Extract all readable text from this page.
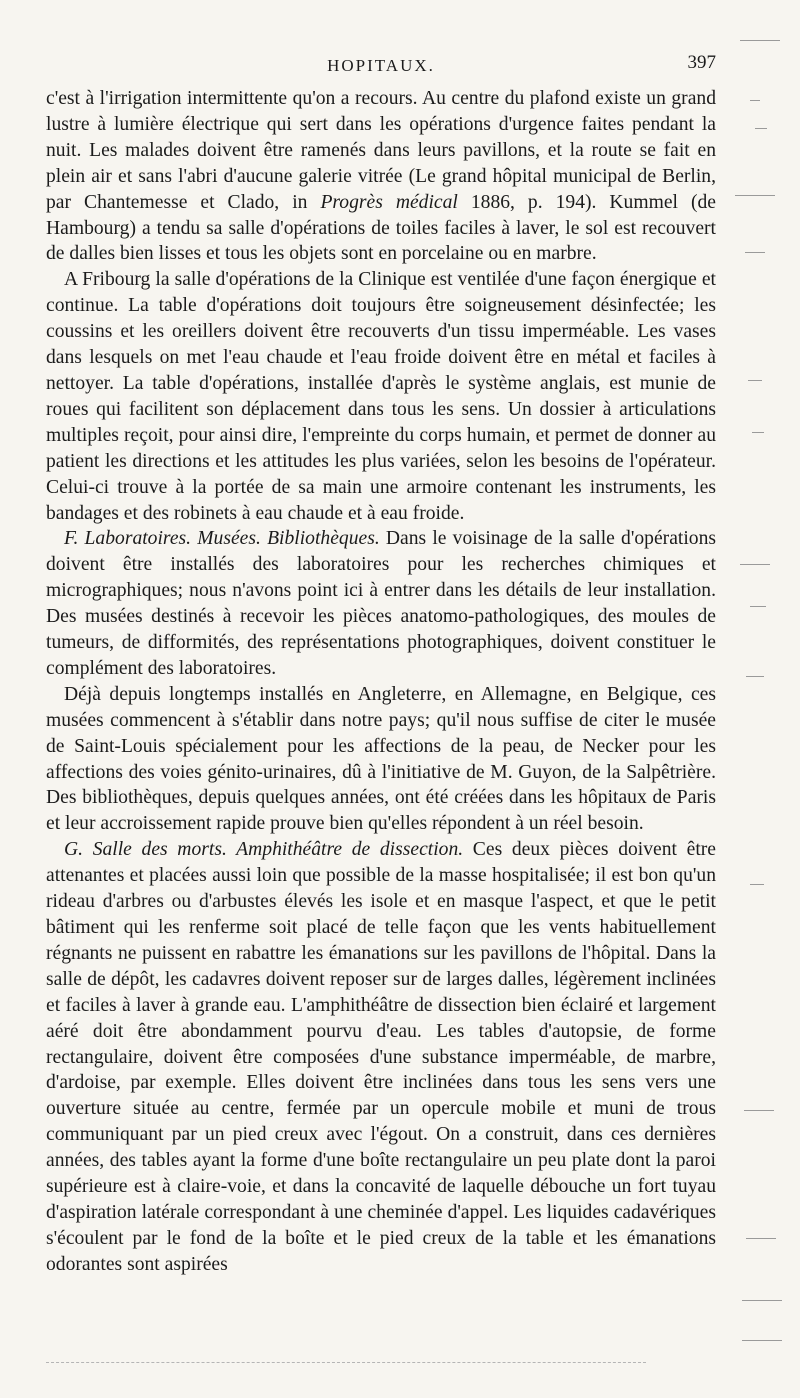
HOPITAUX.	397

c'est à l'irrigation intermittente qu'on a recours. Au centre du plafond existe un grand lustre à lumière électrique qui sert dans les opérations d'urgence faites pendant la nuit. Les malades doivent être ramenés dans leurs pavillons, et la route se fait en plein air et sans l'abri d'aucune galerie vitrée (Le grand hôpital municipal de Berlin, par Chantemesse et Clado, in Progrès médical 1886, p. 194). Kummel (de Hambourg) a tendu sa salle d'opérations de toiles faciles à laver, le sol est recouvert de dalles bien lisses et tous les objets sont en porcelaine ou en marbre.

A Fribourg la salle d'opérations de la Clinique est ventilée d'une façon énergique et continue. La table d'opérations doit toujours être soigneusement désinfectée; les coussins et les oreillers doivent être recouverts d'un tissu imperméable. Les vases dans lesquels on met l'eau chaude et l'eau froide doivent être en métal et faciles à nettoyer. La table d'opérations, installée d'après le système anglais, est munie de roues qui facilitent son déplacement dans tous les sens. Un dossier à articulations multiples reçoit, pour ainsi dire, l'empreinte du corps humain, et permet de donner au patient les directions et les attitudes les plus variées, selon les besoins de l'opérateur. Celui-ci trouve à la portée de sa main une armoire contenant les instruments, les bandages et des robinets à eau chaude et à eau froide.

F. Laboratoires. Musées. Bibliothèques. Dans le voisinage de la salle d'opérations doivent être installés des laboratoires pour les recherches chimiques et micrographiques; nous n'avons point ici à entrer dans les détails de leur installation. Des musées destinés à recevoir les pièces anatomo-pathologiques, des moules de tumeurs, de difformités, des représentations photographiques, doivent constituer le complément des laboratoires.

Déjà depuis longtemps installés en Angleterre, en Allemagne, en Belgique, ces musées commencent à s'établir dans notre pays; qu'il nous suffise de citer le musée de Saint-Louis spécialement pour les affections de la peau, de Necker pour les affections des voies génito-urinaires, dû à l'initiative de M. Guyon, de la Salpêtrière. Des bibliothèques, depuis quelques années, ont été créées dans les hôpitaux de Paris et leur accroissement rapide prouve bien qu'elles répondent à un réel besoin.

G. Salle des morts. Amphithéâtre de dissection. Ces deux pièces doivent être attenantes et placées aussi loin que possible de la masse hospitalisée; il est bon qu'un rideau d'arbres ou d'arbustes élevés les isole et en masque l'aspect, et que le petit bâtiment qui les renferme soit placé de telle façon que les vents habituellement régnants ne puissent en rabattre les émanations sur les pavillons de l'hôpital. Dans la salle de dépôt, les cadavres doivent reposer sur de larges dalles, légèrement inclinées et faciles à laver à grande eau. L'amphithéâtre de dissection bien éclairé et largement aéré doit être abondamment pourvu d'eau. Les tables d'autopsie, de forme rectangulaire, doivent être composées d'une substance imperméable, de marbre, d'ardoise, par exemple. Elles doivent être inclinées dans tous les sens vers une ouverture située au centre, fermée par un opercule mobile et muni de trous communiquant par un pied creux avec l'égout. On a construit, dans ces dernières années, des tables ayant la forme d'une boîte rectangulaire un peu plate dont la paroi supérieure est à claire-voie, et dans la concavité de laquelle débouche un fort tuyau d'aspiration latérale correspondant à une cheminée d'appel. Les liquides cadavériques s'écoulent par le fond de la boîte et le pied creux de la table et les émanations odorantes sont aspirées
